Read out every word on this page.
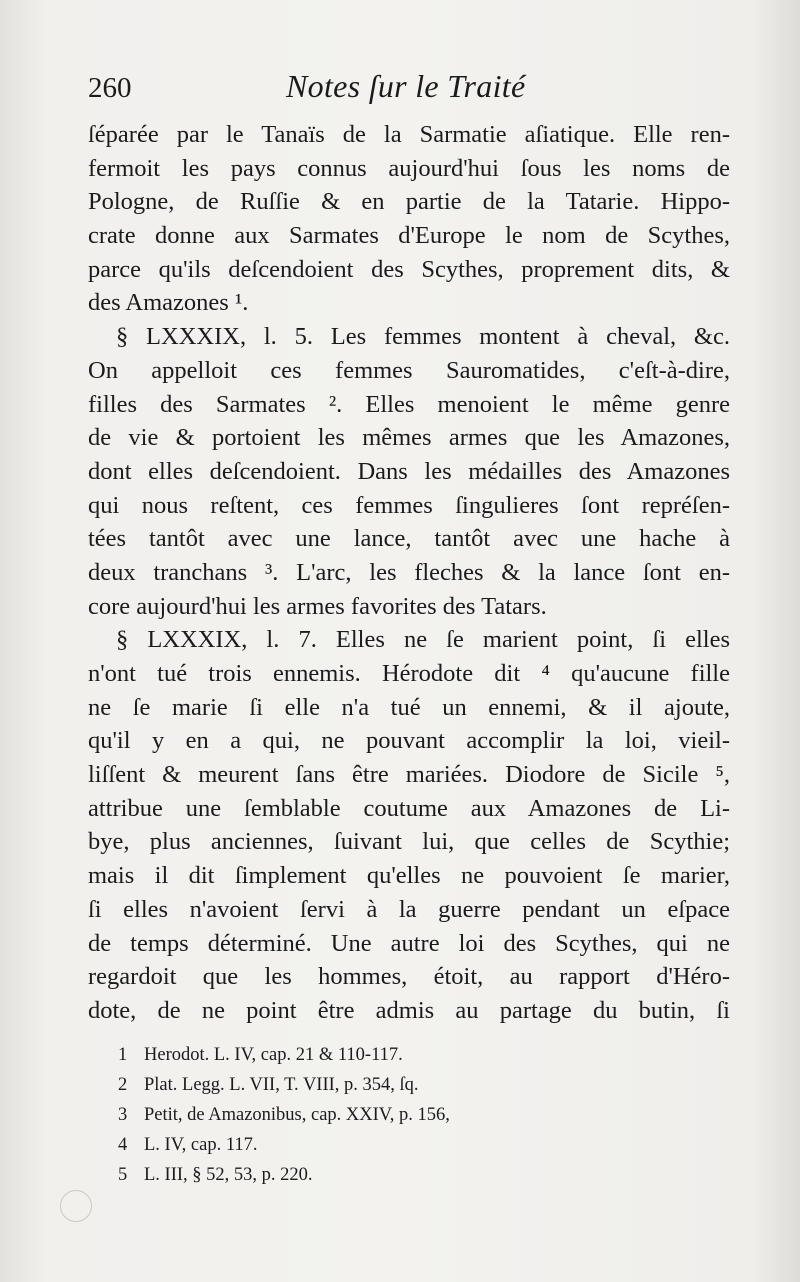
260	Notes ſur le Traité
ſéparée par le Tanaïs de la Sarmatie aſiatique. Elle ren-
fermoit les pays connus aujourd'hui ſous les noms de
Pologne, de Ruſſie & en partie de la Tatarie. Hippo-
crate donne aux Sarmates d'Europe le nom de Scythes,
parce qu'ils deſcendoient des Scythes, proprement dits, &
des Amazones ¹.
§ LXXXIX, l. 5. Les femmes montent à cheval, &c.
On appelloit ces femmes Sauromatides, c'eſt-à-dire,
filles des Sarmates ². Elles menoient le même genre
de vie & portoient les mêmes armes que les Amazones,
dont elles deſcendoient. Dans les médailles des Amazones
qui nous reſtent, ces femmes ſingulieres ſont repréſen-
tées tantôt avec une lance, tantôt avec une hache à
deux tranchans ³. L'arc, les fleches & la lance ſont en-
core aujourd'hui les armes favorites des Tatars.
§ LXXXIX, l. 7. Elles ne ſe marient point, ſi elles
n'ont tué trois ennemis. Hérodote dit ⁴ qu'aucune fille
ne ſe marie ſi elle n'a tué un ennemi, & il ajoute,
qu'il y en a qui, ne pouvant accomplir la loi, vieil-
liſſent & meurent ſans être mariées. Diodore de Sicile ⁵,
attribue une ſemblable coutume aux Amazones de Li-
bye, plus anciennes, ſuivant lui, que celles de Scythie;
mais il dit ſimplement qu'elles ne pouvoient ſe marier,
ſi elles n'avoient ſervi à la guerre pendant un eſpace
de temps déterminé. Une autre loi des Scythes, qui ne
regardoit que les hommes, étoit, au rapport d'Héro-
dote, de ne point être admis au partage du butin, ſi
1 Herodot. L. IV, cap. 21 & 110-117.
2 Plat. Legg. L. VII, T. VIII, p. 354, ſq.
3 Petit, de Amazonibus, cap. XXIV, p. 156,
4 L. IV, cap. 117.
5 L. III, § 52, 53, p. 220.
